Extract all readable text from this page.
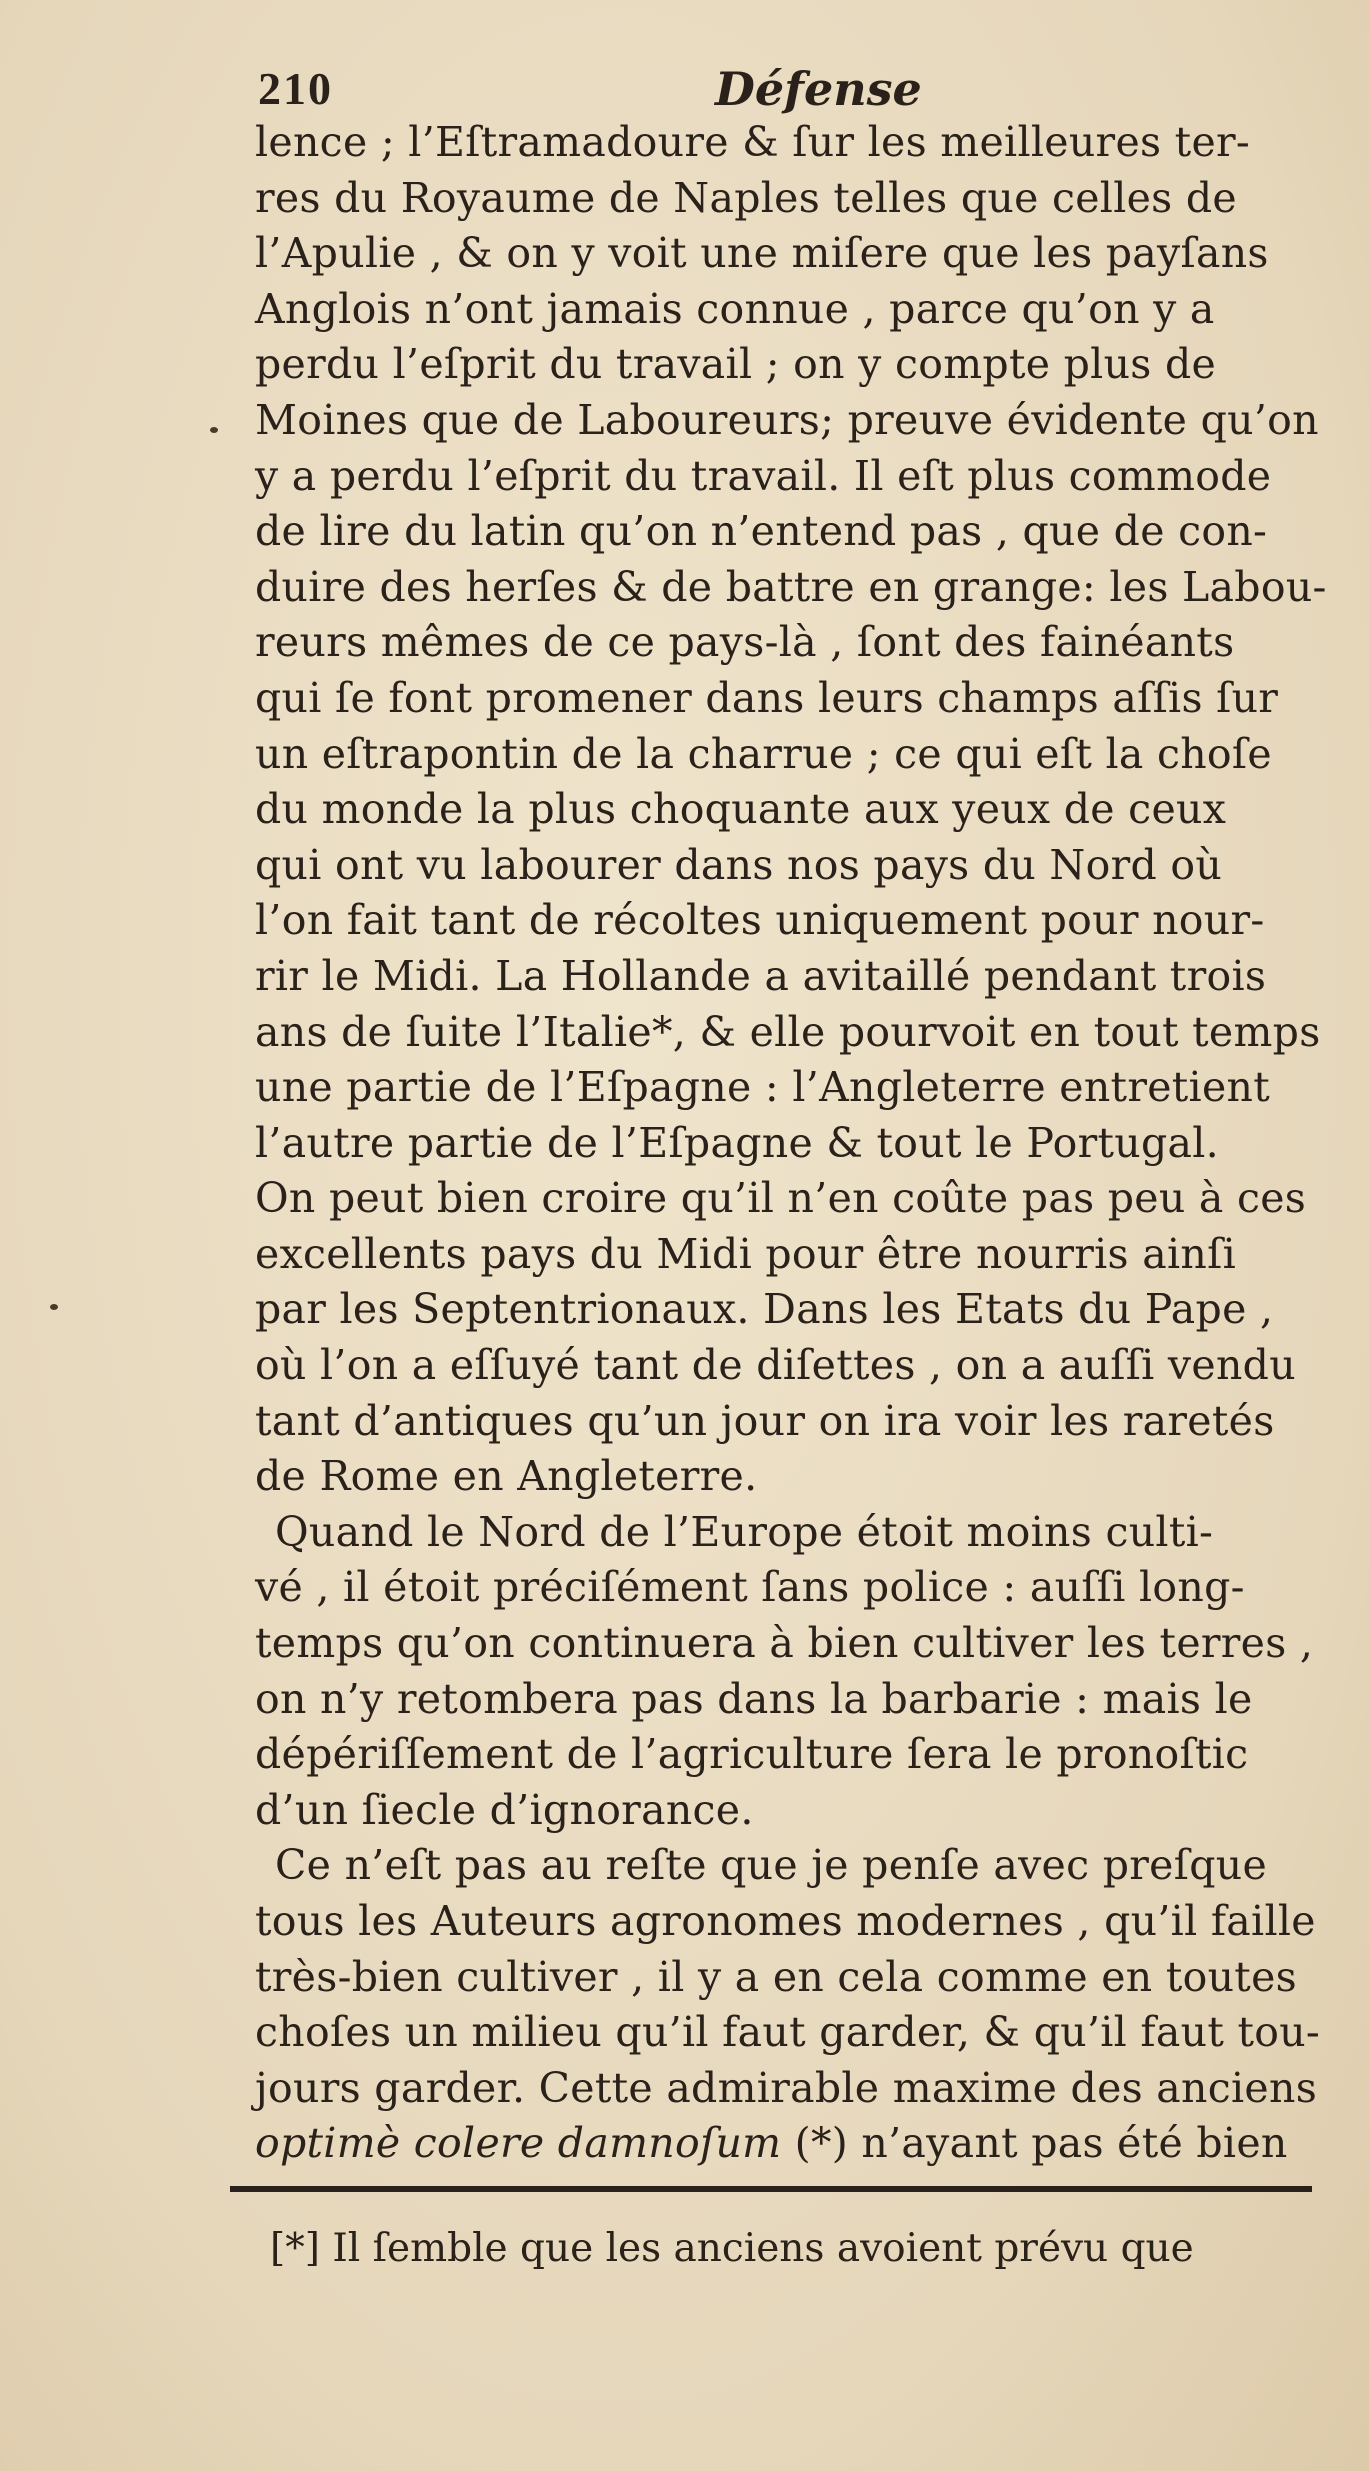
210	Défense
lence ; l’Eſtramadoure & ſur les meilleures ter-
res du Royaume de Naples telles que celles de
l’Apulie , & on y voit une miſere que les payſans
Anglois n’ont jamais connue , parce qu’on y a
perdu l’eſprit du travail ; on y compte plus de
Moines que de Laboureurs; preuve évidente qu’on
y a perdu l’eſprit du travail. Il eſt plus commode
de lire du latin qu’on n’entend pas , que de con-
duire des herſes & de battre en grange: les Labou-
reurs mêmes de ce pays-là , ſont des fainéants
qui ſe font promener dans leurs champs aſſis ſur
un eſtrapontin de la charrue ; ce qui eſt la choſe
du monde la plus choquante aux yeux de ceux
qui ont vu labourer dans nos pays du Nord où
l’on fait tant de récoltes uniquement pour nour-
rir le Midi. La Hollande a avitaillé pendant trois
ans de ſuite l’Italie*, & elle pourvoit en tout temps
une partie de l’Eſpagne : l’Angleterre entretient
l’autre partie de l’Eſpagne & tout le Portugal.
On peut bien croire qu’il n’en coûte pas peu à ces
excellents pays du Midi pour être nourris ainſi
par les Septentrionaux. Dans les Etats du Pape ,
où l’on a eſſuyé tant de diſettes , on a auſſi vendu
tant d’antiques qu’un jour on ira voir les raretés
de Rome en Angleterre.
Quand le Nord de l’Europe étoit moins culti-
vé , il étoit préciſément ſans police : auſſi long-
temps qu’on continuera à bien cultiver les terres ,
on n’y retombera pas dans la barbarie : mais le
dépériſſement de l’agriculture ſera le pronoſtic
d’un ſiecle d’ignorance.
Ce n’eſt pas au reſte que je penſe avec preſque
tous les Auteurs agronomes modernes , qu’il faille
très-bien cultiver , il y a en cela comme en toutes
choſes un milieu qu’il faut garder, & qu’il faut tou-
jours garder. Cette admirable maxime des anciens
optimè colere damnoſum (*) n’ayant pas été bien
[*] Il ſemble que les anciens avoient prévu que
